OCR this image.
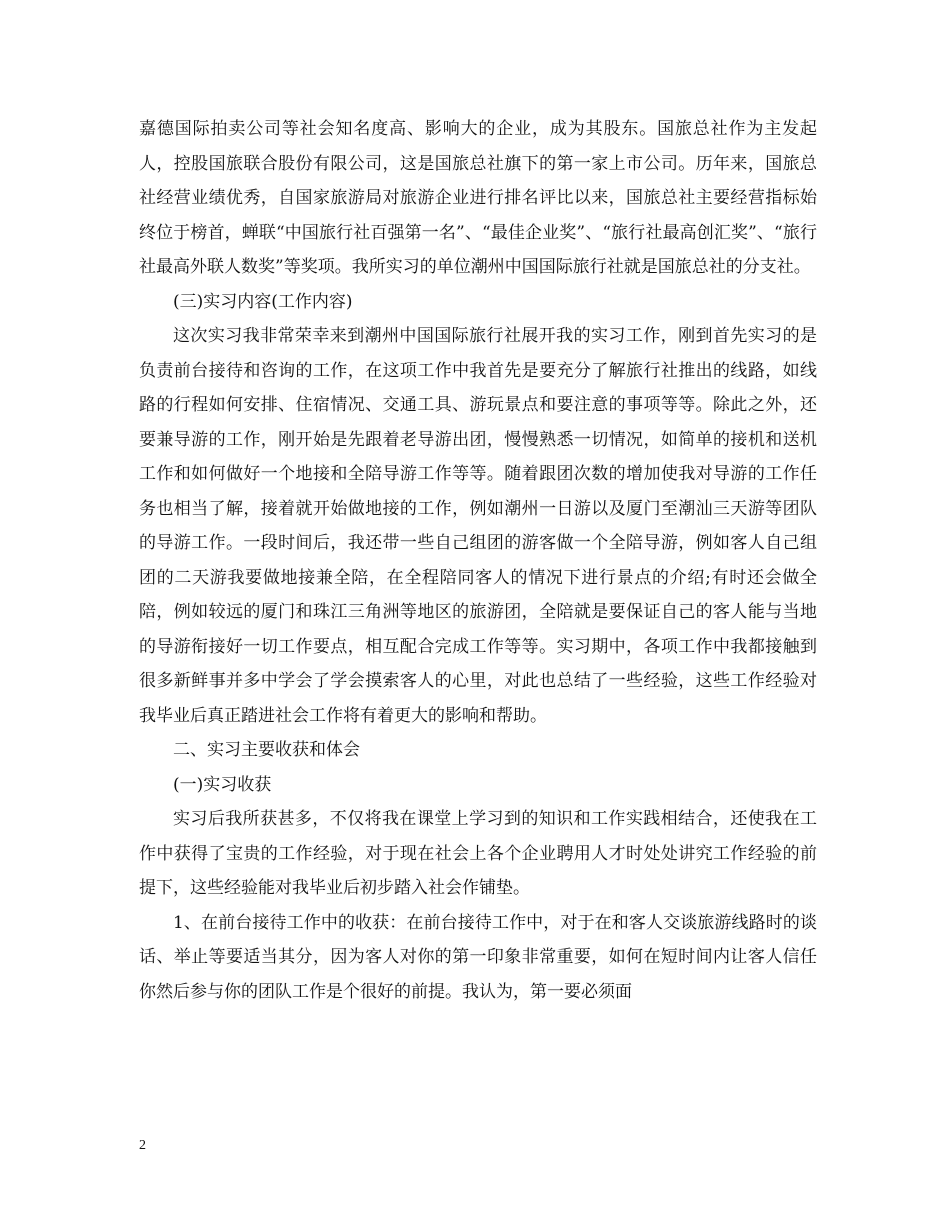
嘉德国际拍卖公司等社会知名度高、影响大的企业，成为其股东。国旅总社作为主发起人，控股国旅联合股份有限公司，这是国旅总社旗下的第一家上市公司。历年来，国旅总社经营业绩优秀，自国家旅游局对旅游企业进行排名评比以来，国旅总社主要经营指标始终位于榜首，蝉联“中国旅行社百强第一名”、“最佳企业奖”、“旅行社最高创汇奖”、“旅行社最高外联人数奖”等奖项。我所实习的单位潮州中国国际旅行社就是国旅总社的分支社。

(三)实习内容(工作内容)

这次实习我非常荣幸来到潮州中国国际旅行社展开我的实习工作，刚到首先实习的是负责前台接待和咨询的工作，在这项工作中我首先是要充分了解旅行社推出的线路，如线路的行程如何安排、住宿情况、交通工具、游玩景点和要注意的事项等等。除此之外，还要兼导游的工作，刚开始是先跟着老导游出团，慢慢熟悉一切情况，如简单的接机和送机工作和如何做好一个地接和全陪导游工作等等。随着跟团次数的增加使我对导游的工作任务也相当了解，接着就开始做地接的工作，例如潮州一日游以及厦门至潮汕三天游等团队的导游工作。一段时间后，我还带一些自己组团的游客做一个全陪导游，例如客人自己组团的二天游我要做地接兼全陪，在全程陪同客人的情况下进行景点的介绍;有时还会做全陪，例如较远的厦门和珠江三角洲等地区的旅游团，全陪就是要保证自己的客人能与当地的导游衔接好一切工作要点，相互配合完成工作等等。实习期中，各项工作中我都接触到很多新鲜事并多中学会了学会摸索客人的心里，对此也总结了一些经验，这些工作经验对我毕业后真正踏进社会工作将有着更大的影响和帮助。

二、实习主要收获和体会

(一)实习收获

实习后我所获甚多，不仅将我在课堂上学习到的知识和工作实践相结合，还使我在工作中获得了宝贵的工作经验，对于现在社会上各个企业聘用人才时处处讲究工作经验的前提下，这些经验能对我毕业后初步踏入社会作铺垫。

1、在前台接待工作中的收获：在前台接待工作中，对于在和客人交谈旅游线路时的谈话、举止等要适当其分，因为客人对你的第一印象非常重要，如何在短时间内让客人信任你然后参与你的团队工作是个很好的前提。我认为，第一要必须面

2
